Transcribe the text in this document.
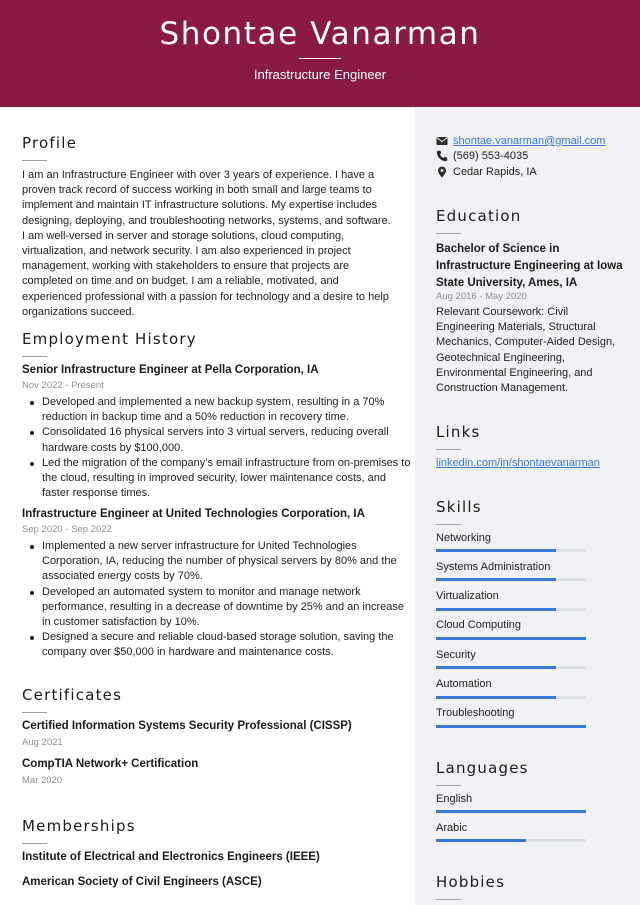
Shontae Vanarman
Infrastructure Engineer
Profile
I am an Infrastructure Engineer with over 3 years of experience. I have a proven track record of success working in both small and large teams to implement and maintain IT infrastructure solutions. My expertise includes designing, deploying, and troubleshooting networks, systems, and software. I am well-versed in server and storage solutions, cloud computing, virtualization, and network security. I am also experienced in project management, working with stakeholders to ensure that projects are completed on time and on budget. I am a reliable, motivated, and experienced professional with a passion for technology and a desire to help organizations succeed.
Employment History
Senior Infrastructure Engineer at Pella Corporation, IA
Nov 2022 - Present
Developed and implemented a new backup system, resulting in a 70% reduction in backup time and a 50% reduction in recovery time.
Consolidated 16 physical servers into 3 virtual servers, reducing overall hardware costs by $100,000.
Led the migration of the company’s email infrastructure from on-premises to the cloud, resulting in improved security, lower maintenance costs, and faster response times.
Infrastructure Engineer at United Technologies Corporation, IA
Sep 2020 - Sep 2022
Implemented a new server infrastructure for United Technologies Corporation, IA, reducing the number of physical servers by 80% and the associated energy costs by 70%.
Developed an automated system to monitor and manage network performance, resulting in a decrease of downtime by 25% and an increase in customer satisfaction by 10%.
Designed a secure and reliable cloud-based storage solution, saving the company over $50,000 in hardware and maintenance costs.
Certificates
Certified Information Systems Security Professional (CISSP)
Aug 2021
CompTIA Network+ Certification
Mar 2020
Memberships
Institute of Electrical and Electronics Engineers (IEEE)
American Society of Civil Engineers (ASCE)
shontae.vanarman@gmail.com
(569) 553-4035
Cedar Rapids, IA
Education
Bachelor of Science in Infrastructure Engineering at Iowa State University, Ames, IA
Aug 2016 - May 2020
Relevant Coursework: Civil Engineering Materials, Structural Mechanics, Computer-Aided Design, Geotechnical Engineering, Environmental Engineering, and Construction Management.
Links
linkedin.com/in/shontaevanarman
Skills
Networking
Systems Administration
Virtualization
Cloud Computing
Security
Automation
Troubleshooting
Languages
English
Arabic
Hobbies
